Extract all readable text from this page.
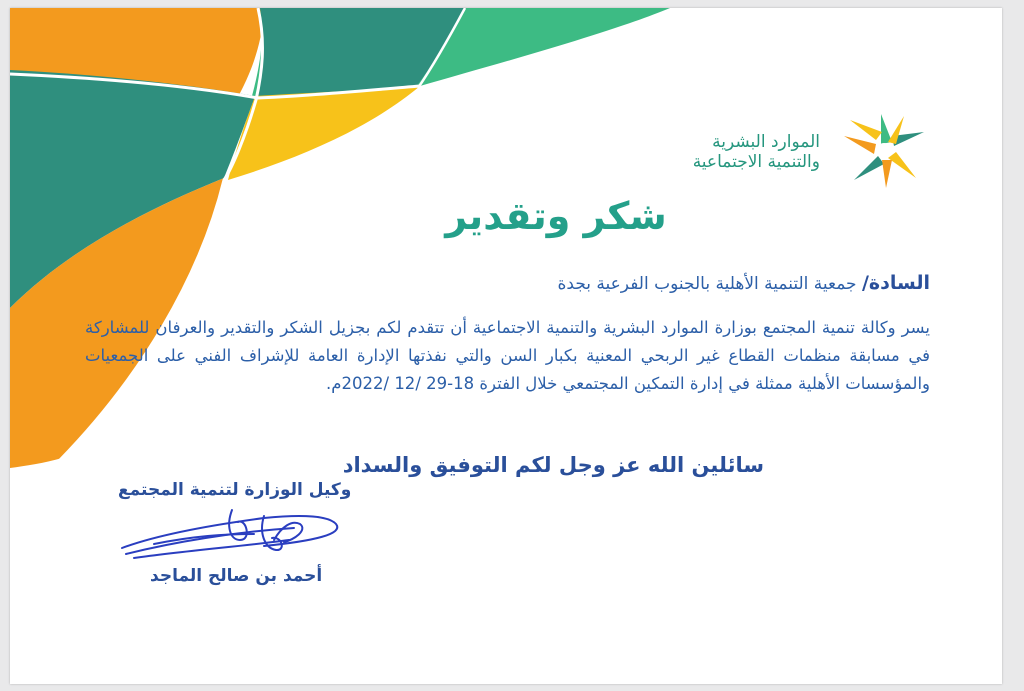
الموارد البشرية
والتنمية الاجتماعية
شكر وتقدير
السادة/ جمعية التنمية الأهلية بالجنوب الفرعية بجدة
يسر وكالة تنمية المجتمع بوزارة الموارد البشرية والتنمية الاجتماعية أن تتقدم لكم بجزيل الشكر والتقدير والعرفان للمشاركة في مسابقة منظمات القطاع غير الربحي المعنية بكبار السن والتي نفذتها الإدارة العامة للإشراف الفني على الجمعيات والمؤسسات الأهلية ممثلة في إدارة التمكين المجتمعي خلال الفترة 18-29 /12 /2022م.
سائلين الله عز وجل لكم التوفيق والسداد
وكيل الوزارة لتنمية المجتمع
أحمد بن صالح الماجد
